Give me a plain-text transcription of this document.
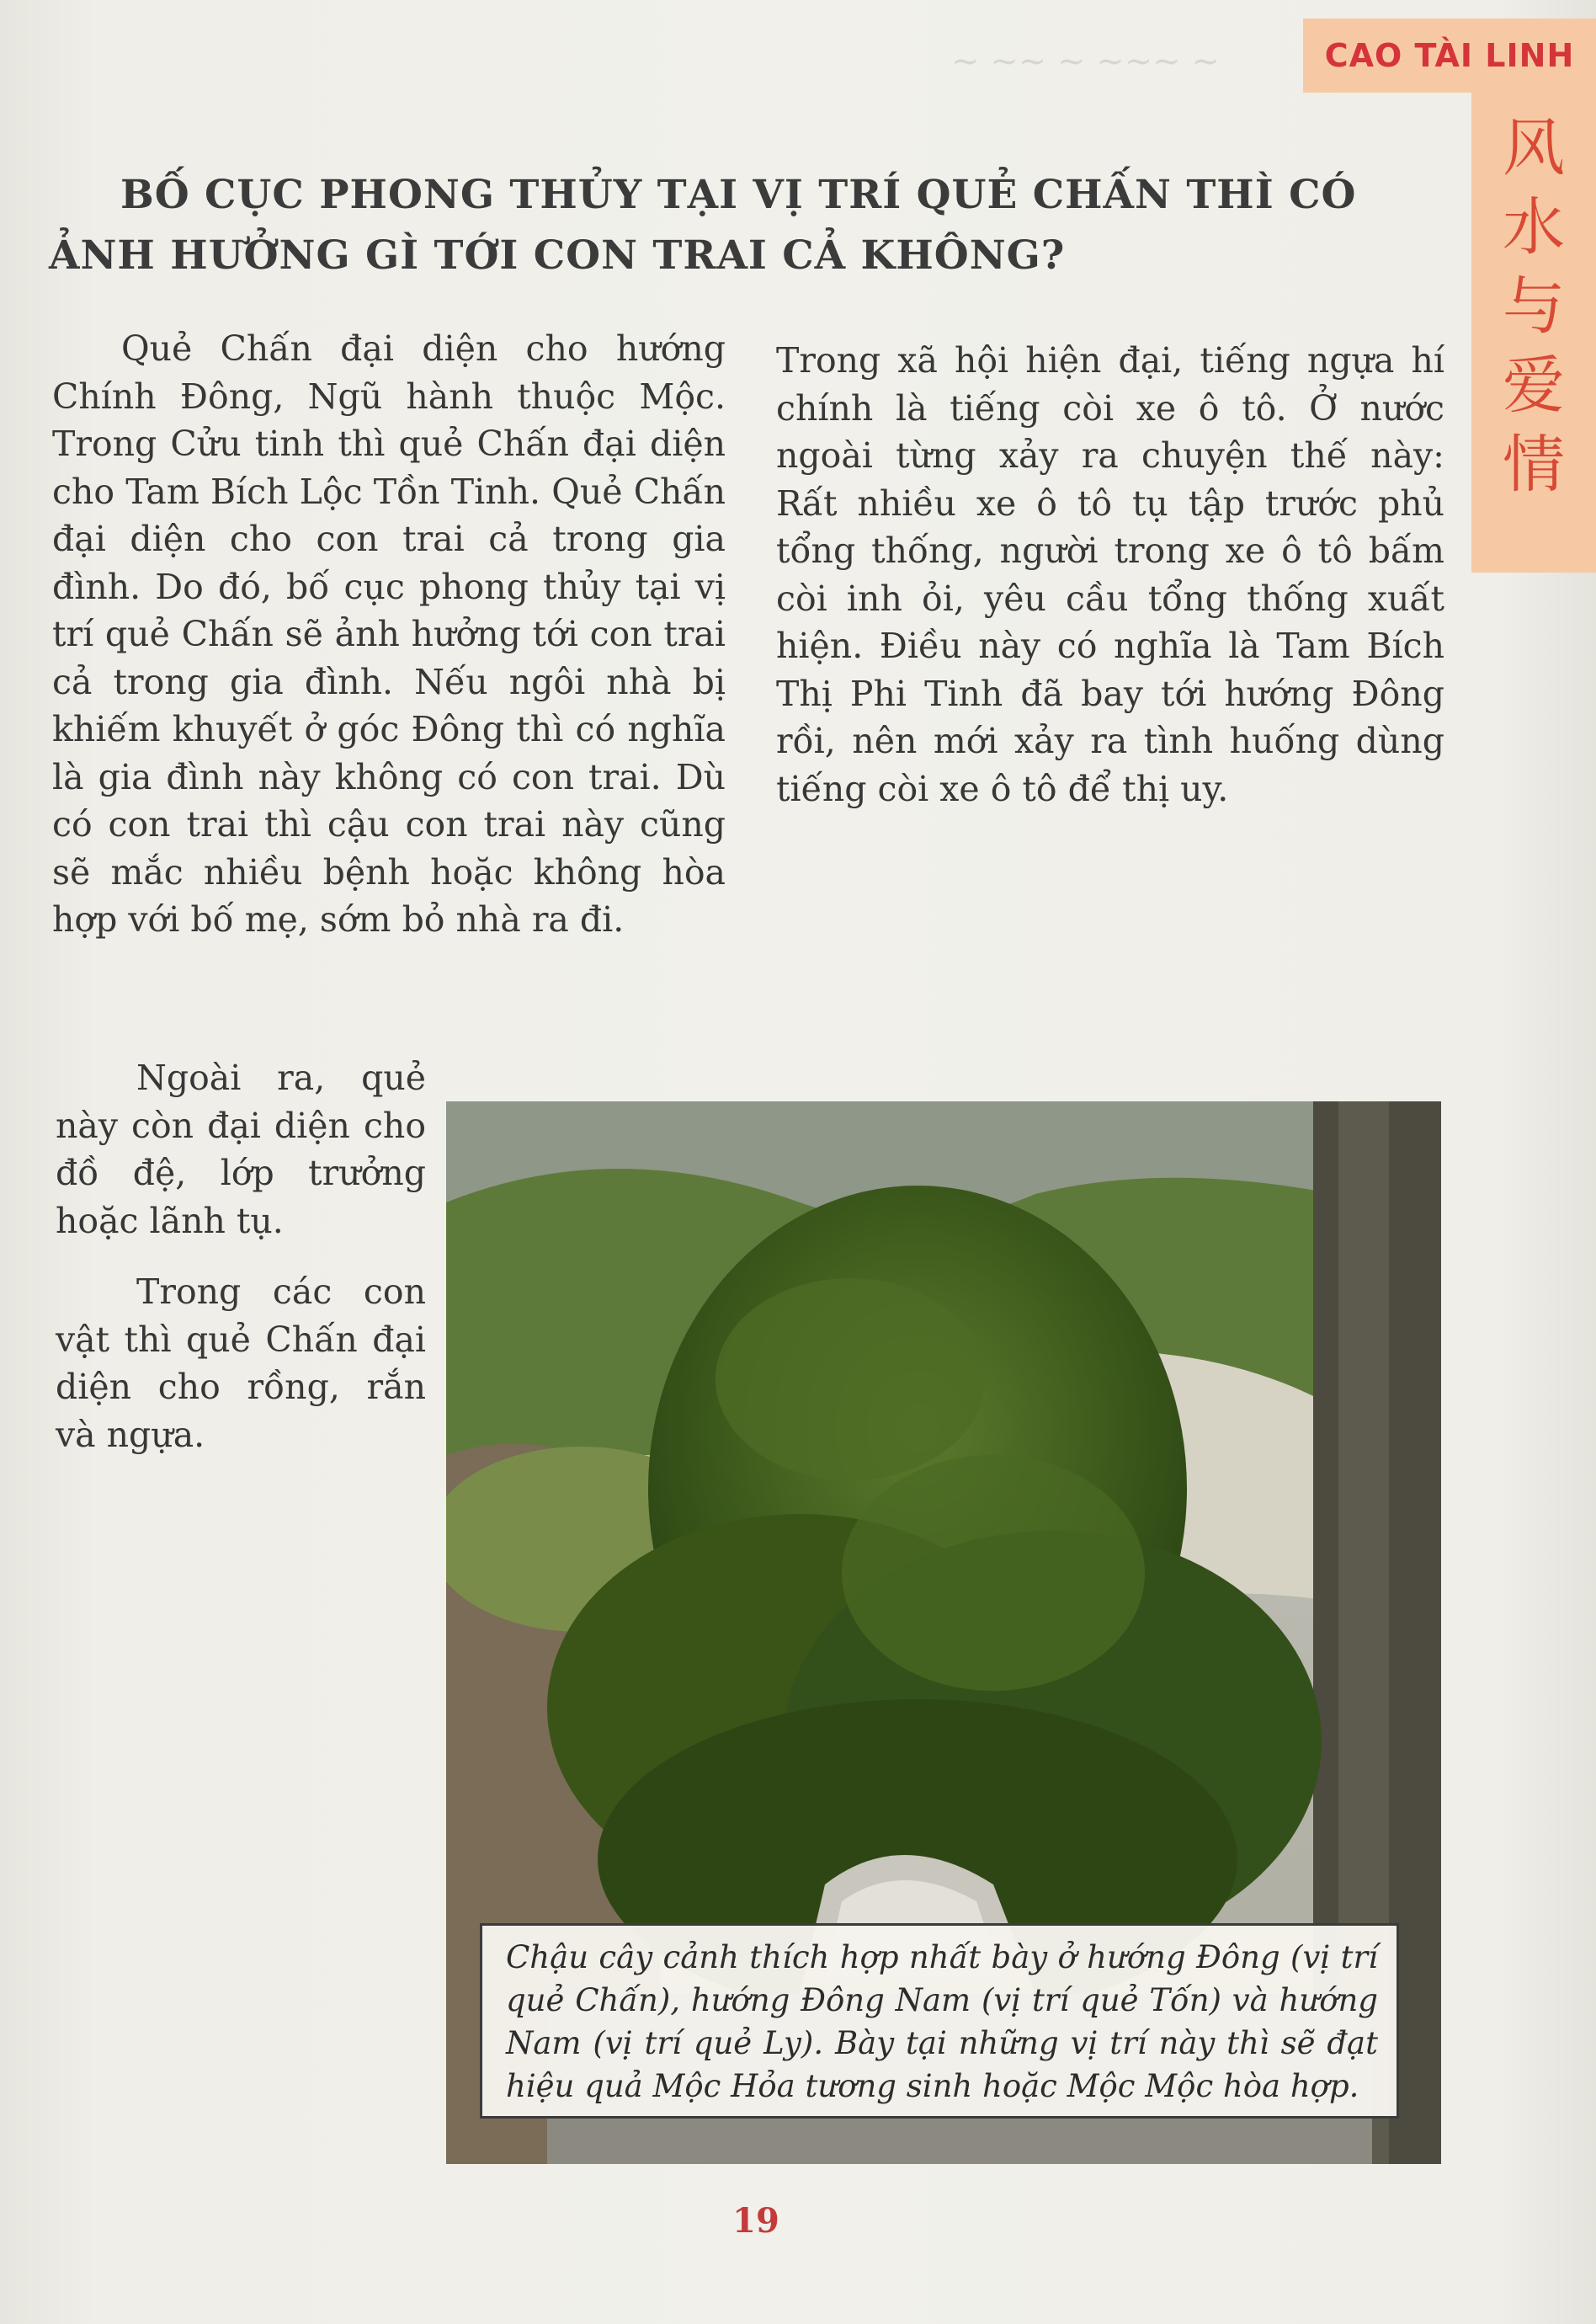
~ ~~ ~ ~~~ ~	CAO TÀI LINH
风
水
与
爱
情
BỐ CỤC PHONG THỦY TẠI VỊ TRÍ QUẺ CHẤN THÌ CÓ ẢNH HƯỞNG GÌ TỚI CON TRAI CẢ KHÔNG?

Quẻ Chấn đại diện cho hướng Chính Đông, Ngũ hành thuộc Mộc. Trong Cửu tinh thì quẻ Chấn đại diện cho Tam Bích Lộc Tồn Tinh. Quẻ Chấn đại diện cho con trai cả trong gia đình. Do đó, bố cục phong thủy tại vị trí quẻ Chấn sẽ ảnh hưởng tới con trai cả trong gia đình. Nếu ngôi nhà bị khiếm khuyết ở góc Đông thì có nghĩa là gia đình này không có con trai. Dù có con trai thì cậu con trai này cũng sẽ mắc nhiều bệnh hoặc không hòa hợp với bố mẹ, sớm bỏ nhà ra đi.

Trong xã hội hiện đại, tiếng ngựa hí chính là tiếng còi xe ô tô. Ở nước ngoài từng xảy ra chuyện thế này: Rất nhiều xe ô tô tụ tập trước phủ tổng thống, người trong xe ô tô bấm còi inh ỏi, yêu cầu tổng thống xuất hiện. Điều này có nghĩa là Tam Bích Thị Phi Tinh đã bay tới hướng Đông rồi, nên mới xảy ra tình huống dùng tiếng còi xe ô tô để thị uy.

Ngoài ra, quẻ này còn đại diện cho đồ đệ, lớp trưởng hoặc lãnh tụ.

Trong các con vật thì quẻ Chấn đại diện cho rồng, rắn và ngựa.

Chậu cây cảnh thích hợp nhất bày ở hướng Đông (vị trí quẻ Chấn), hướng Đông Nam (vị trí quẻ Tốn) và hướng Nam (vị trí quẻ Ly). Bày tại những vị trí này thì sẽ đạt hiệu quả Mộc Hỏa tương sinh hoặc Mộc Mộc hòa hợp.
19
